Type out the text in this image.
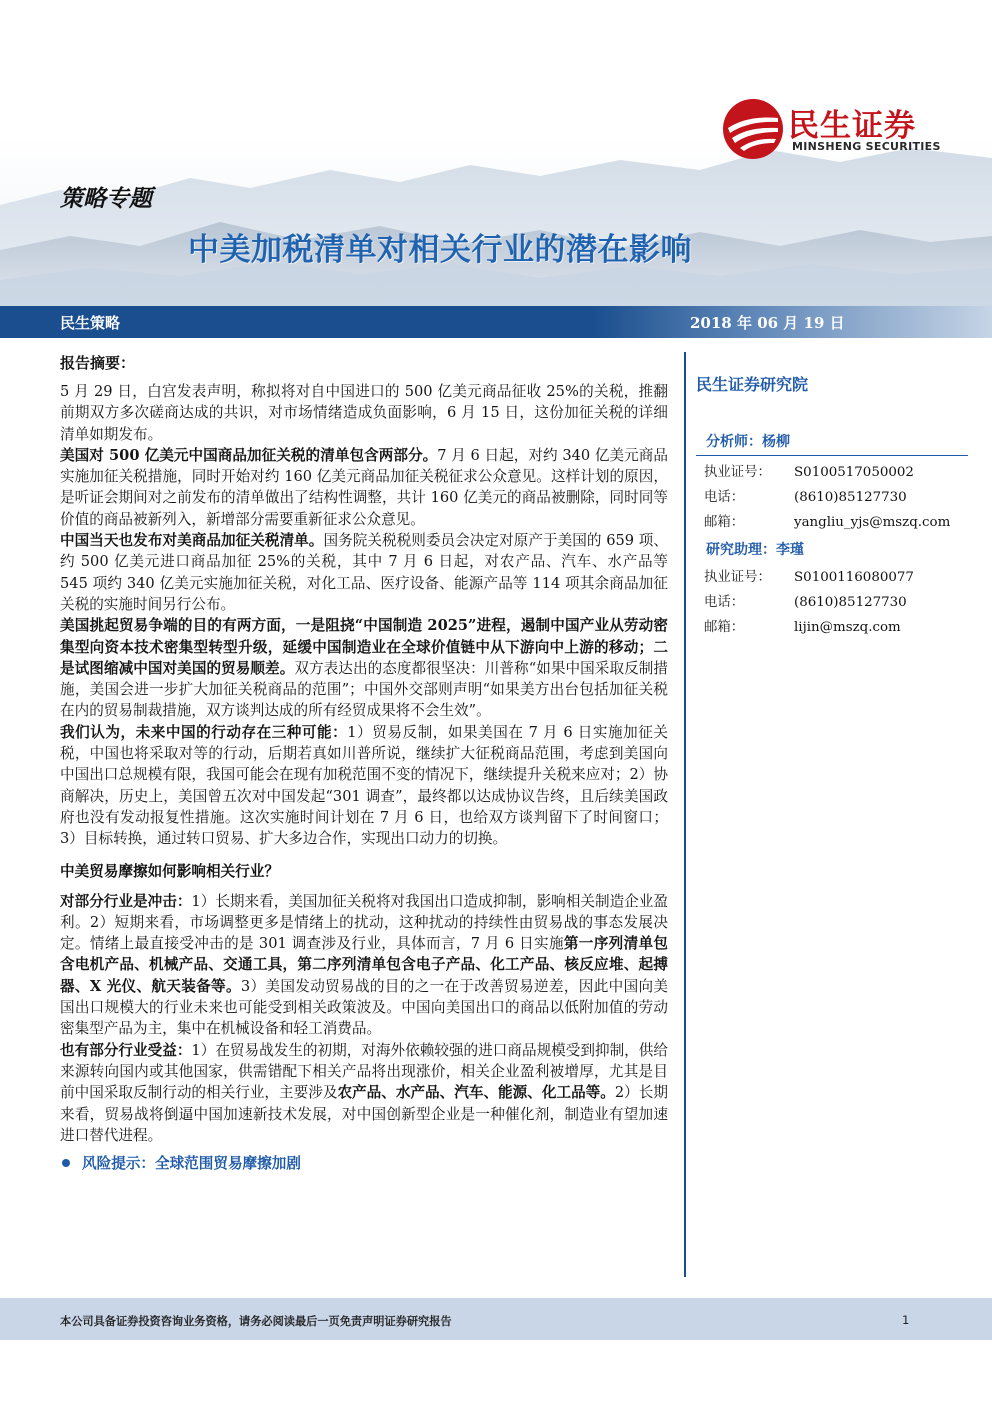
民生证券
MINSHENG SECURITIES
策略专题
中美加税清单对相关行业的潜在影响
民生策略	2018 年 06 月 19 日
报告摘要：

5 月 29 日，白宫发表声明，称拟将对自中国进口的 500 亿美元商品征收 25%的关税，推翻前期双方多次磋商达成的共识，对市场情绪造成负面影响，6 月 15 日，这份加征关税的详细清单如期发布。

美国对 500 亿美元中国商品加征关税的清单包含两部分。7 月 6 日起，对约 340 亿美元商品实施加征关税措施，同时开始对约 160 亿美元商品加征关税征求公众意见。这样计划的原因，是听证会期间对之前发布的清单做出了结构性调整，共计 160 亿美元的商品被删除，同时同等价值的商品被新列入，新增部分需要重新征求公众意见。

中国当天也发布对美商品加征关税清单。国务院关税税则委员会决定对原产于美国的 659 项、约 500 亿美元进口商品加征 25%的关税，其中 7 月 6 日起，对农产品、汽车、水产品等 545 项约 340 亿美元实施加征关税，对化工品、医疗设备、能源产品等 114 项其余商品加征关税的实施时间另行公布。

美国挑起贸易争端的目的有两方面，一是阻挠“中国制造 2025”进程，遏制中国产业从劳动密集型向资本技术密集型转型升级，延缓中国制造业在全球价值链中从下游向中上游的移动；二是试图缩减中国对美国的贸易顺差。双方表达出的态度都很坚决：川普称“如果中国采取反制措施，美国会进一步扩大加征关税商品的范围”；中国外交部则声明“如果美方出台包括加征关税在内的贸易制裁措施，双方谈判达成的所有经贸成果将不会生效”。

我们认为，未来中国的行动存在三种可能：1）贸易反制，如果美国在 7 月 6 日实施加征关税，中国也将采取对等的行动，后期若真如川普所说，继续扩大征税商品范围，考虑到美国向中国出口总规模有限，我国可能会在现有加税范围不变的情况下，继续提升关税来应对；2）协商解决，历史上，美国曾五次对中国发起“301 调查”，最终都以达成协议告终，且后续美国政府也没有发动报复性措施。这次实施时间计划在 7 月 6 日，也给双方谈判留下了时间窗口；3）目标转换，通过转口贸易、扩大多边合作，实现出口动力的切换。

中美贸易摩擦如何影响相关行业？

对部分行业是冲击：1）长期来看，美国加征关税将对我国出口造成抑制，影响相关制造企业盈利。2）短期来看，市场调整更多是情绪上的扰动，这种扰动的持续性由贸易战的事态发展决定。情绪上最直接受冲击的是 301 调查涉及行业，具体而言，7 月 6 日实施第一序列清单包含电机产品、机械产品、交通工具，第二序列清单包含电子产品、化工产品、核反应堆、起搏器、X 光仪、航天装备等。3）美国发动贸易战的目的之一在于改善贸易逆差，因此中国向美国出口规模大的行业未来也可能受到相关政策波及。中国向美国出口的商品以低附加值的劳动密集型产品为主，集中在机械设备和轻工消费品。

也有部分行业受益：1）在贸易战发生的初期，对海外依赖较强的进口商品规模受到抑制，供给来源转向国内或其他国家，供需错配下相关产品将出现涨价，相关企业盈利被增厚，尤其是目前中国采取反制行动的相关行业，主要涉及农产品、水产品、汽车、能源、化工品等。2）长期来看，贸易战将倒逼中国加速新技术发展，对中国创新型企业是一种催化剂，制造业有望加速进口替代进程。

风险提示：全球范围贸易摩擦加剧
民生证券研究院
分析师：杨柳
执业证号：	S0100517050002
电话：	(8610)85127730
邮箱：	yangliu_yjs@mszq.com
研究助理：李瑾
执业证号：	S0100116080077
电话：	(8610)85127730
邮箱：	lijin@mszq.com
本公司具备证券投资咨询业务资格，请务必阅读最后一页免责声明证券研究报告	1
